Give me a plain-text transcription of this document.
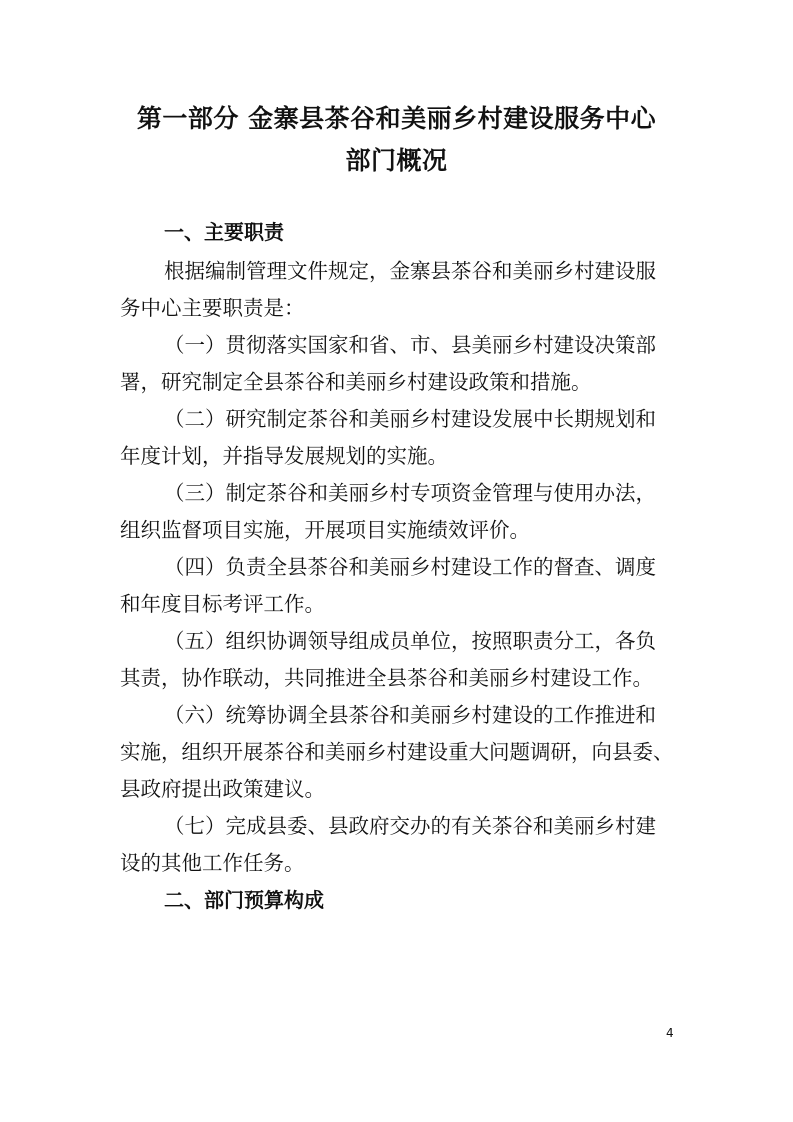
第一部分 金寨县茶谷和美丽乡村建设服务中心
部门概况
一、主要职责
根据编制管理文件规定，金寨县茶谷和美丽乡村建设服
务中心主要职责是：
（一）贯彻落实国家和省、市、县美丽乡村建设决策部
署，研究制定全县茶谷和美丽乡村建设政策和措施。
（二）研究制定茶谷和美丽乡村建设发展中长期规划和
年度计划，并指导发展规划的实施。
（三）制定茶谷和美丽乡村专项资金管理与使用办法，
组织监督项目实施，开展项目实施绩效评价。
（四）负责全县茶谷和美丽乡村建设工作的督查、调度
和年度目标考评工作。
（五）组织协调领导组成员单位，按照职责分工，各负
其责，协作联动，共同推进全县茶谷和美丽乡村建设工作。
（六）统筹协调全县茶谷和美丽乡村建设的工作推进和
实施，组织开展茶谷和美丽乡村建设重大问题调研，向县委、
县政府提出政策建议。
（七）完成县委、县政府交办的有关茶谷和美丽乡村建
设的其他工作任务。
二、部门预算构成
4
